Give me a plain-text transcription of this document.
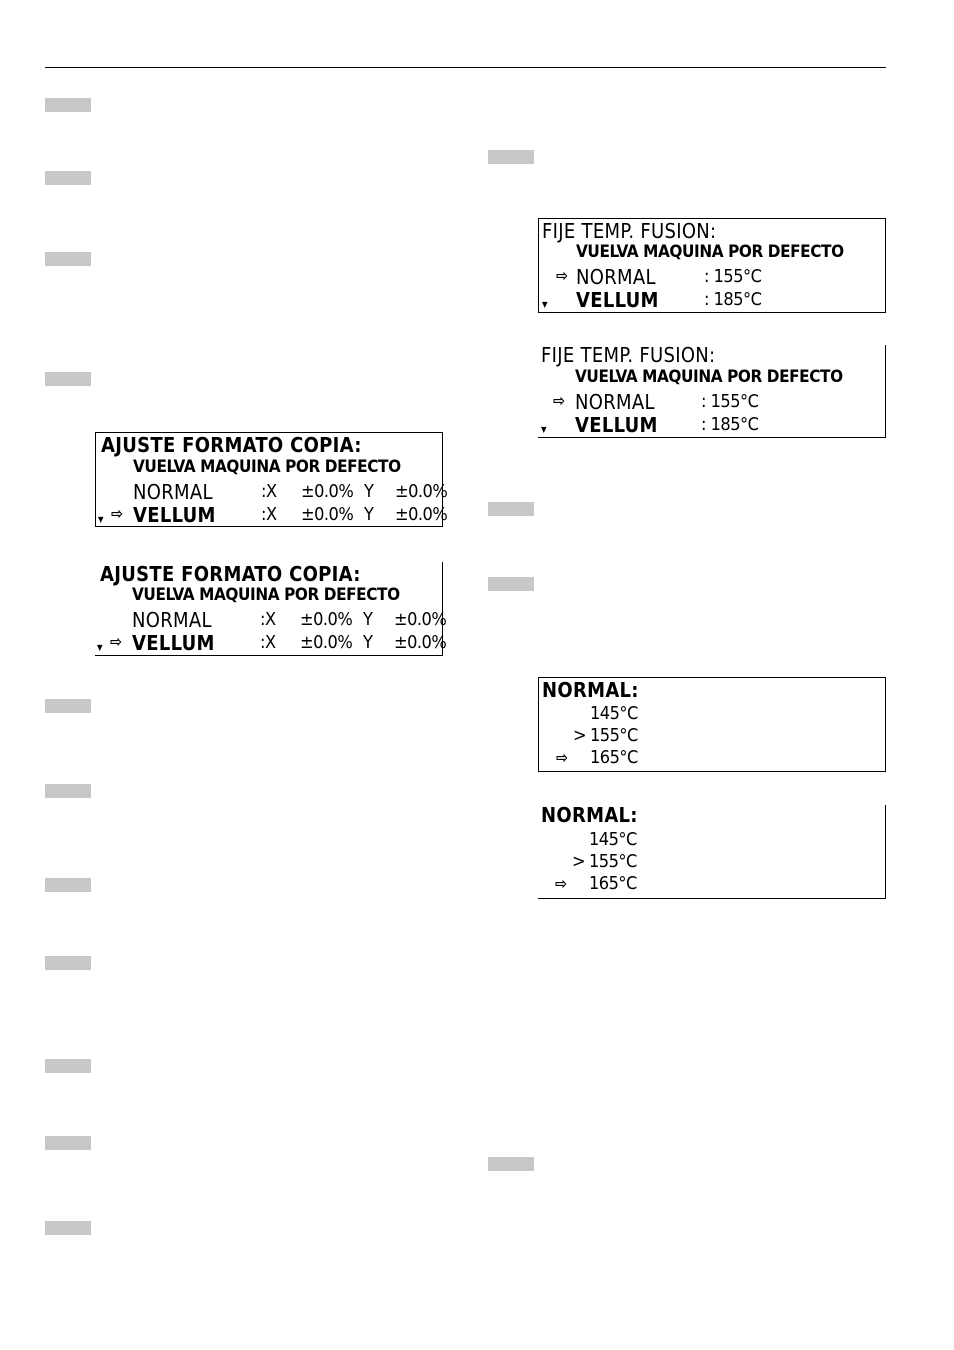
AJUSTE FORMATO COPIA:
VUELVA MAQUINA POR DEFECTO
NORMAL	:X ±0.0% Y ±0.0%
▼ ⇨ VELLUM	:X ±0.0% Y ±0.0%
AJUSTE FORMATO COPIA:
VUELVA MAQUINA POR DEFECTO
NORMAL	:X ±0.0% Y ±0.0%
▼ ⇨ VELLUM	:X ±0.0% Y ±0.0%
FIJE TEMP. FUSION:
VUELVA MAQUINA POR DEFECTO
⇨ NORMAL	: 155°C
▼ VELLUM	: 185°C
FIJE TEMP. FUSION:
VUELVA MAQUINA POR DEFECTO
⇨ NORMAL	: 155°C
▼ VELLUM : 185°C
NORMAL:
145°C
> 155°C
⇨ 165°C
NORMAL:
145°C
> 155°C
⇨ 165°C
